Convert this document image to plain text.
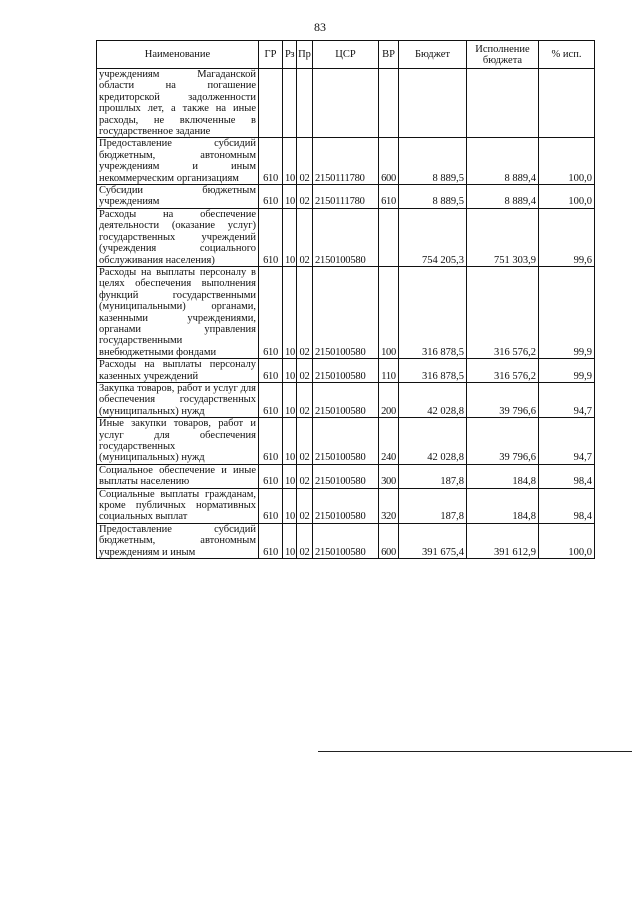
83
Наименование	ГР	Рз	Пр	ЦСР	ВР	Бюджет	Исполнение бюджета	% исп.
учреждениям Магаданской области на погашение кредиторской задолженности прошлых лет, а также на иные расходы, не включенные в государственное задание								
Предоставление субсидий бюджетным, автономным учреждениям и иным некоммерческим организациям	610	10	02	2150111780	600	8 889,5	8 889,4	100,0
Субсидии бюджетным учреждениям	610	10	02	2150111780	610	8 889,5	8 889,4	100,0
Расходы на обеспечение деятельности (оказание услуг) государственных учреждений (учреждения социального обслуживания населения)	610	10	02	2150100580		754 205,3	751 303,9	99,6
Расходы на выплаты персоналу в целях обеспечения выполнения функций государственными (муниципальными) органами, казенными учреждениями, органами управления государственными внебюджетными фондами	610	10	02	2150100580	100	316 878,5	316 576,2	99,9
Расходы на выплаты персоналу казенных учреждений	610	10	02	2150100580	110	316 878,5	316 576,2	99,9
Закупка товаров, работ и услуг для обеспечения государственных (муниципальных) нужд	610	10	02	2150100580	200	42 028,8	39 796,6	94,7
Иные закупки товаров, работ и услуг для обеспечения государственных (муниципальных) нужд	610	10	02	2150100580	240	42 028,8	39 796,6	94,7
Социальное обеспечение и иные выплаты населению	610	10	02	2150100580	300	187,8	184,8	98,4
Социальные выплаты гражданам, кроме публичных нормативных социальных выплат	610	10	02	2150100580	320	187,8	184,8	98,4
Предоставление субсидий бюджетным, автономным учреждениям и иным	610	10	02	2150100580	600	391 675,4	391 612,9	100,0
